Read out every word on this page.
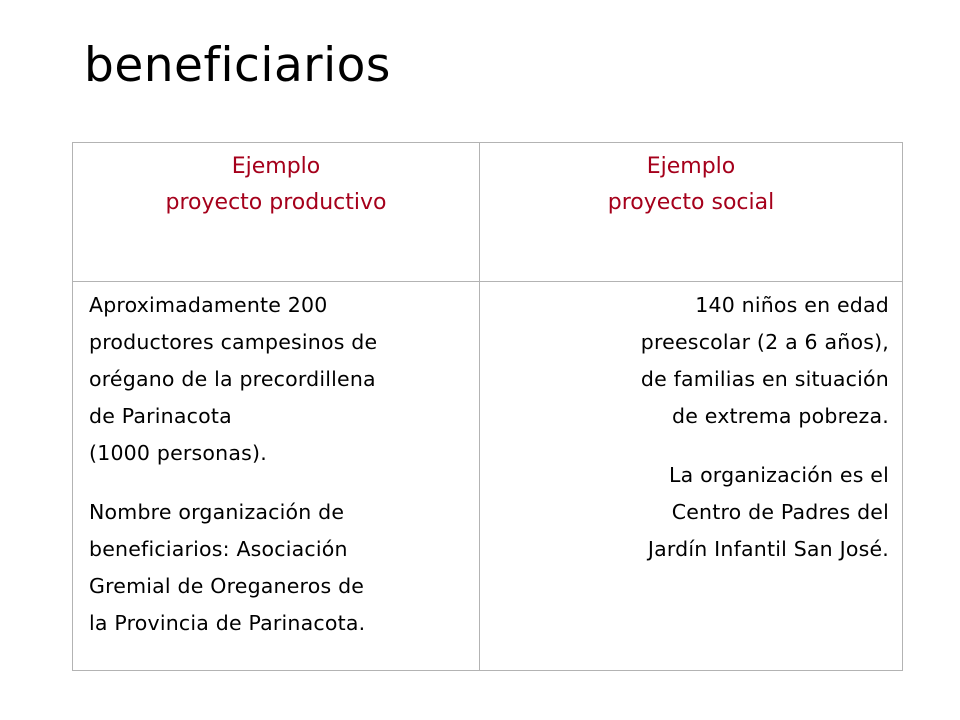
beneficiarios
Ejemplo
proyecto productivo
Ejemplo
proyecto social
Aproximadamente 200
productores campesinos de
orégano de la precordillena
de Parinacota
(1000 personas).
Nombre organización de
beneficiarios: Asociación
Gremial de Oreganeros de
la Provincia de Parinacota.
140 niños en edad
preescolar (2 a 6 años),
de familias en situación
de extrema pobreza.
La organización es el
Centro de Padres del
Jardín Infantil San José.
